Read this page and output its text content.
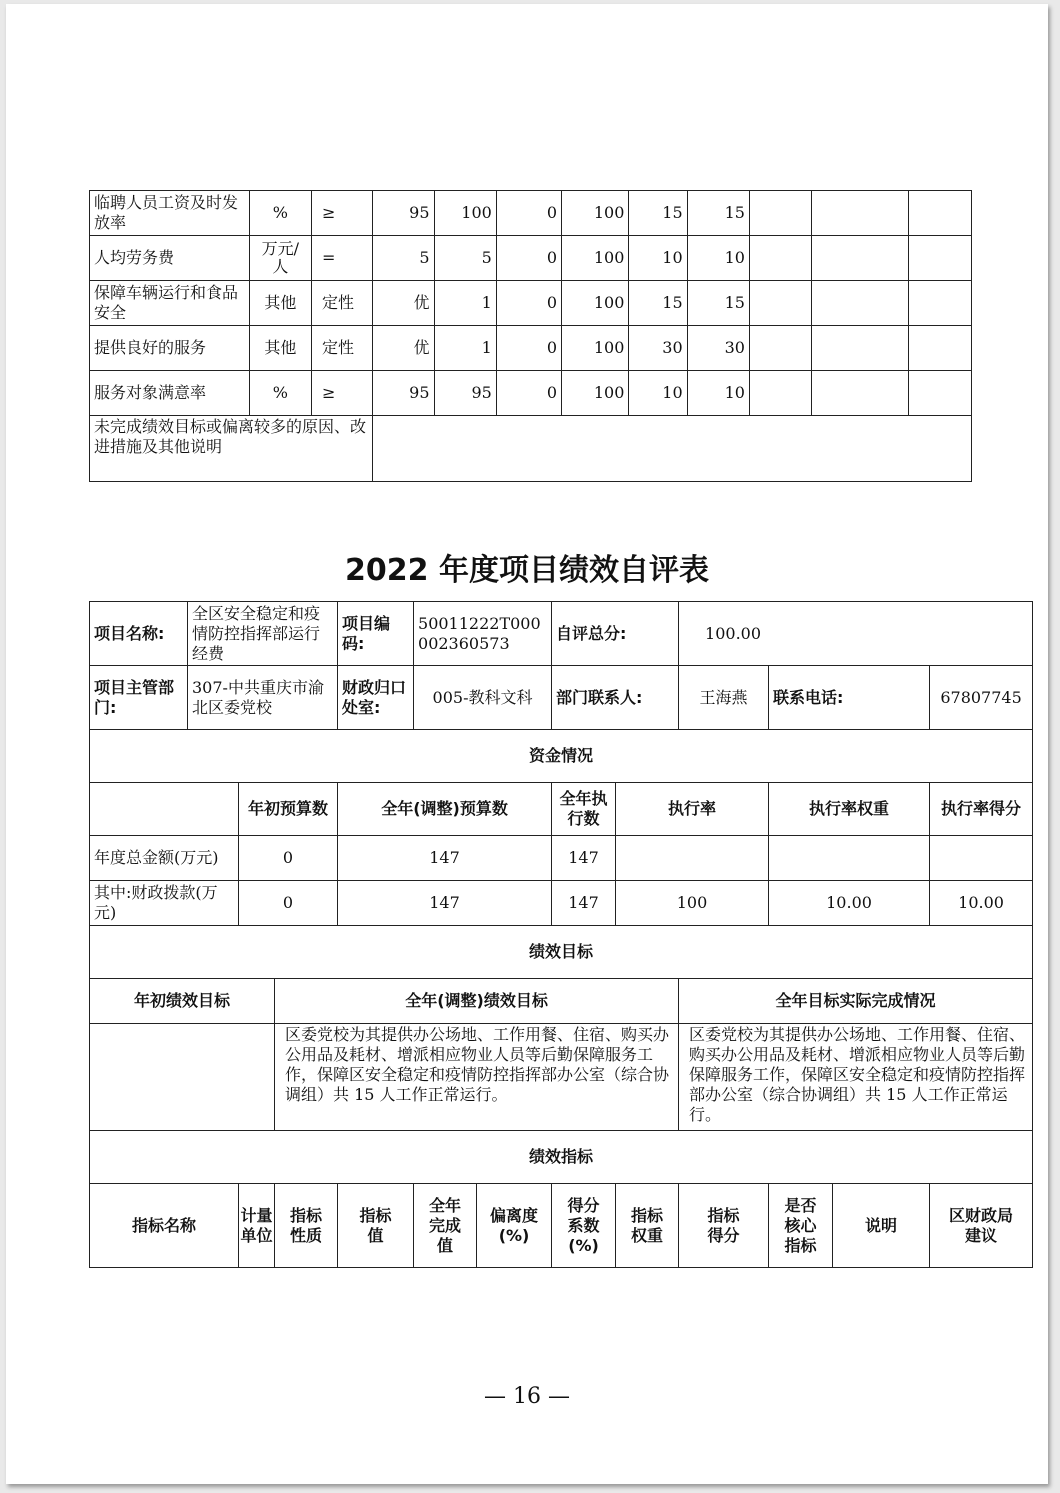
临聘人员工资及时发放率	%	≥	95	100	0	100	15	15			
人均劳务费	万元/人	=	5	5	0	100	10	10			
保障车辆运行和食品安全	其他	定性	优	1	0	100	15	15			
提供良好的服务	其他	定性	优	1	0	100	30	30			
服务对象满意率	%	≥	95	95	0	100	10	10			
未完成绩效目标或偏离较多的原因、改进措施及其他说明											
2022 年度项目绩效自评表
项目名称:	全区安全稳定和疫情防控指挥部运行经费			项目编码:	50011222T000002360573		自评总分:		100.00			
项目主管部门:	307-中共重庆市渝北区委党校			财政归口处室:	005-教科文科		部门联系人:		王海燕	联系电话:		67807745
资金情况												
		年初预算数		全年(调整)预算数			全年执行数	执行率		执行率权重		执行率得分
年度总金额(万元)		0		147			147					
其中:财政拨款(万元)		0		147			147	100		10.00		10.00
绩效目标												
年初绩效目标			全年(调整)绩效目标						全年目标实际完成情况			
			区委党校为其提供办公场地、工作用餐、住宿、购买办公用品及耗材、增派相应物业人员等后勤保障服务工作，保障区安全稳定和疫情防控指挥部办公室（综合协调组）共 15 人工作正常运行。						区委党校为其提供办公场地、工作用餐、住宿、购买办公用品及耗材、增派相应物业人员等后勤保障服务工作，保障区安全稳定和疫情防控指挥部办公室（综合协调组）共 15 人工作正常运行。			
绩效指标												
指标名称		计量单位	指标性质	指标值	全年完成值	偏离度(%)	得分系数(%)	指标权重	指标得分	是否核心指标	说明	区财政局建议
— 16 —
